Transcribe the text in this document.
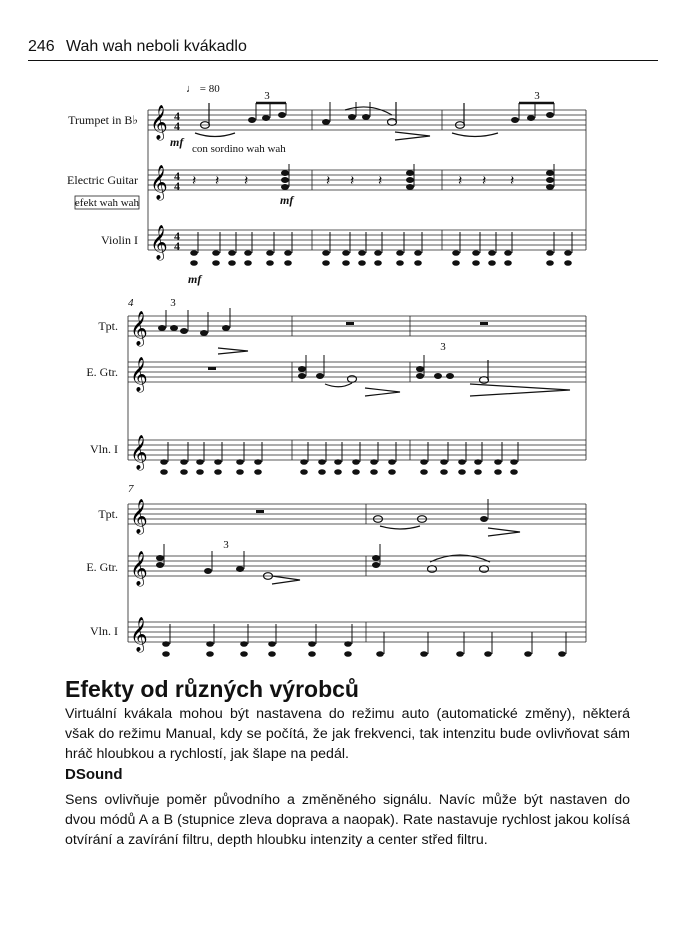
246 Wah wah neboli kvákadlo
♩ = 80
Trumpet in B♭
Electric Guitar
efekt wah wah
Violin I
𝄞
𝄞
𝄞
4
4
4
4
4
4
3
mf con sordino wah wah
3
𝄽 𝄽 𝄽	𝄽 𝄽 𝄽	𝄽 𝄽 𝄽
mf
mf
4
Tpt.
E. Gtr.
Vln. I
𝄞
𝄞
𝄞
3
3
7
Tpt.
E. Gtr.
Vln. I
𝄞
𝄞
𝄞
3
Efekty od různých výrobců

Virtuální kvákala mohou být nastavena do režimu auto (automatické změny), některá však do režimu Manual, kdy se počítá, že jak frekvenci, tak intenzitu bude ovlivňovat sám hráč hloubkou a rychlostí, jak šlape na pedál.

DSound

Sens ovlivňuje poměr původního a změněného signálu. Navíc může být nastaven do dvou módů A a B (stupnice zleva doprava a naopak). Rate nastavuje rychlost jakou kolísá otvírání a zavírání filtru, depth hloubku intenzity a center střed filtru.
